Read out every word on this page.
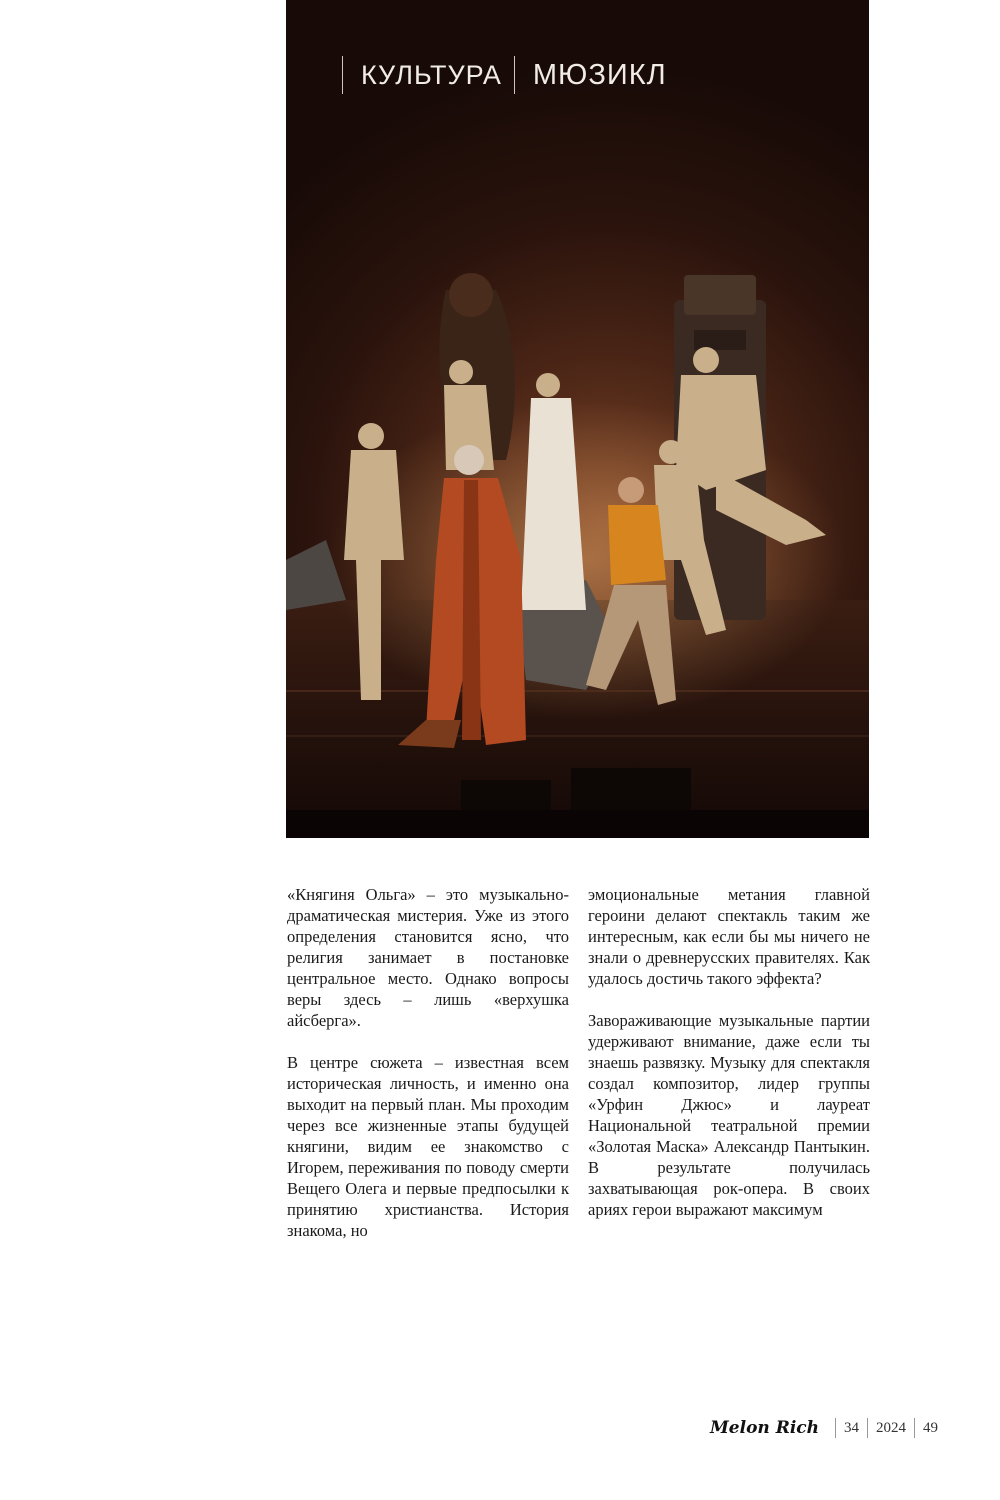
КУЛЬТУРА	МЮЗИКЛ

«Княгиня Ольга» – это музыкально-драматическая мистерия. Уже из этого определения становится ясно, что религия занимает в постановке центральное место. Однако вопросы веры здесь – лишь «верхушка айсберга».

В центре сюжета – известная всем историческая личность, и именно она выходит на первый план. Мы проходим через все жизненные этапы будущей княгини, видим ее знакомство с Игорем, переживания по поводу смерти Вещего Олега и первые предпосылки к принятию христианства. История знакома, но

эмоциональные метания главной героини делают спектакль таким же интересным, как если бы мы ничего не знали о древнерусских правителях. Как удалось достичь такого эффекта?

Завораживающие музыкальные партии удерживают внимание, даже если ты знаешь развязку. Музыку для спектакля создал композитор, лидер группы «Урфин Джюс» и лауреат Национальной театральной премии «Золотая Маска» Александр Пантыкин. В результате получилась захватывающая рок-опера. В своих ариях герои выражают максимум

Melon Rich 34 2024 49
